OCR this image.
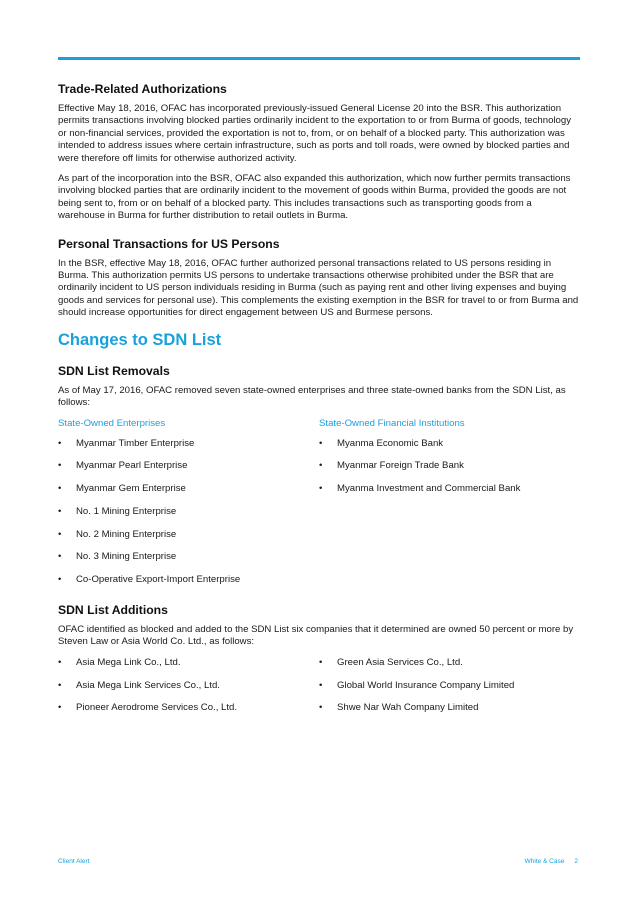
Trade-Related Authorizations

Effective May 18, 2016, OFAC has incorporated previously-issued General License 20 into the BSR. This authorization permits transactions involving blocked parties ordinarily incident to the exportation to or from Burma of goods, technology or non-financial services, provided the exportation is not to, from, or on behalf of a blocked party. This authorization was intended to address issues where certain infrastructure, such as ports and toll roads, were owned by blocked parties and were therefore off limits for otherwise authorized activity.

As part of the incorporation into the BSR, OFAC also expanded this authorization, which now further permits transactions involving blocked parties that are ordinarily incident to the movement of goods within Burma, provided the goods are not being sent to, from or on behalf of a blocked party. This includes transactions such as transporting goods from a warehouse in Burma for further distribution to retail outlets in Burma.

Personal Transactions for US Persons

In the BSR, effective May 18, 2016, OFAC further authorized personal transactions related to US persons residing in Burma. This authorization permits US persons to undertake transactions otherwise prohibited under the BSR that are ordinarily incident to US person individuals residing in Burma (such as paying rent and other living expenses and buying goods and services for personal use). This complements the existing exemption in the BSR for travel to or from Burma and should increase opportunities for direct engagement between US and Burmese persons.

Changes to SDN List
SDN List Removals

As of May 17, 2016, OFAC removed seven state-owned enterprises and three state-owned banks from the SDN List, as follows:

State-Owned Enterprises
• Myanmar Timber Enterprise
• Myanmar Pearl Enterprise
• Myanmar Gem Enterprise
• No. 1 Mining Enterprise
• No. 2 Mining Enterprise
• No. 3 Mining Enterprise
• Co-Operative Export-Import Enterprise
State-Owned Financial Institutions
• Myanma Economic Bank
• Myanmar Foreign Trade Bank
• Myanma Investment and Commercial Bank
SDN List Additions

OFAC identified as blocked and added to the SDN List six companies that it determined are owned 50 percent or more by Steven Law or Asia World Co. Ltd., as follows:

• Asia Mega Link Co., Ltd.
• Asia Mega Link Services Co., Ltd.
• Pioneer Aerodrome Services Co., Ltd.
• Green Asia Services Co., Ltd.
• Global World Insurance Company Limited
• Shwe Nar Wah Company Limited
Client Alert	White & Case 2
